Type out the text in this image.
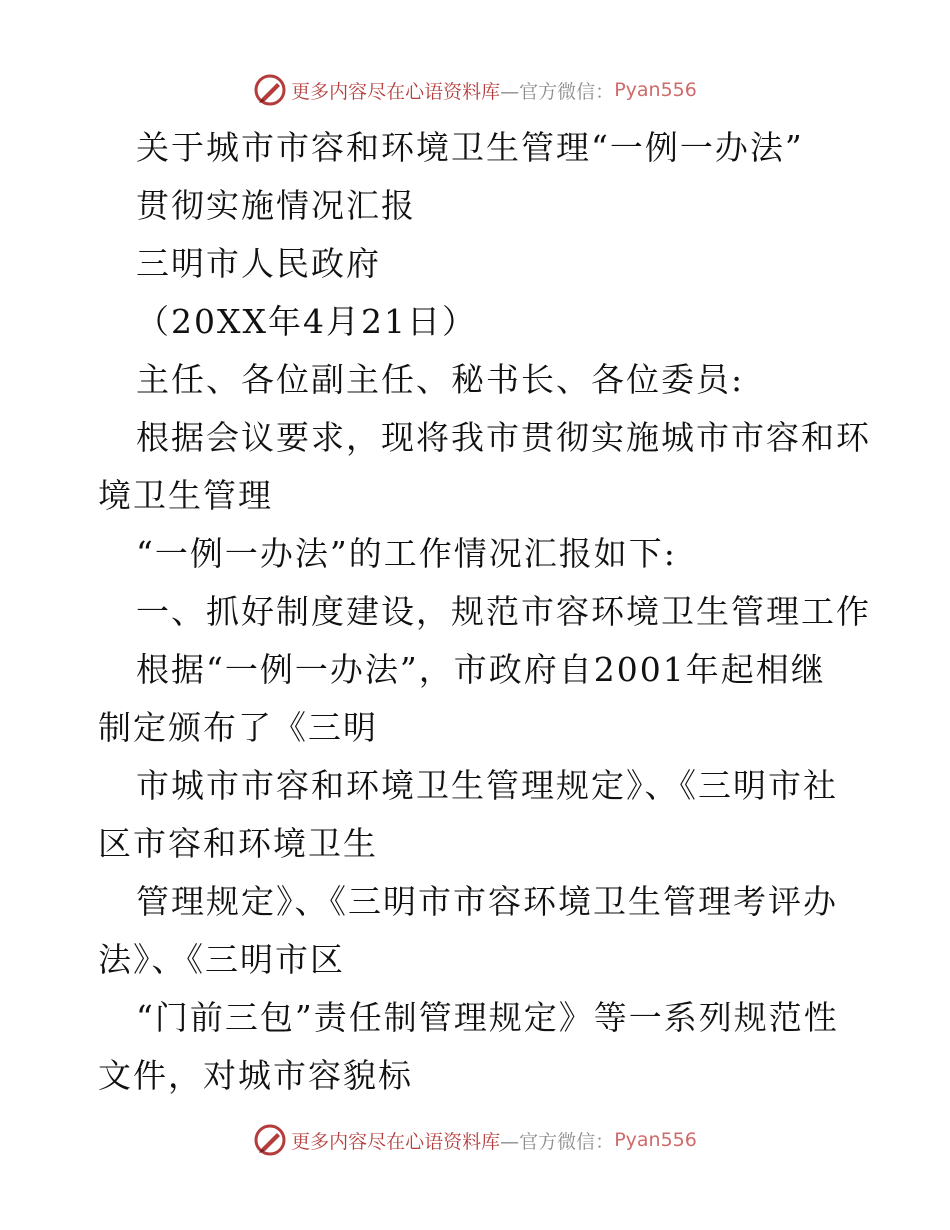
更多内容尽在心语资料库 —官方微信： Pyan556
关于城市市容和环境卫生管理“一例一办法”
贯彻实施情况汇报
三明市人民政府
（20XX年4月21日）
主任、各位副主任、秘书长、各位委员:
根据会议要求，现将我市贯彻实施城市市容和环
境卫生管理
“一例一办法”的工作情况汇报如下:
一、抓好制度建设，规范市容环境卫生管理工作
根据“一例一办法”，市政府自2001年起相继
制定颁布了《三明
市城市市容和环境卫生管理规定》、《三明市社
区市容和环境卫生
管理规定》、《三明市市容环境卫生管理考评办
法》、《三明市区
“门前三包”责任制管理规定》等一系列规范性
文件，对城市容貌标
更多内容尽在心语资料库 —官方微信： Pyan556
